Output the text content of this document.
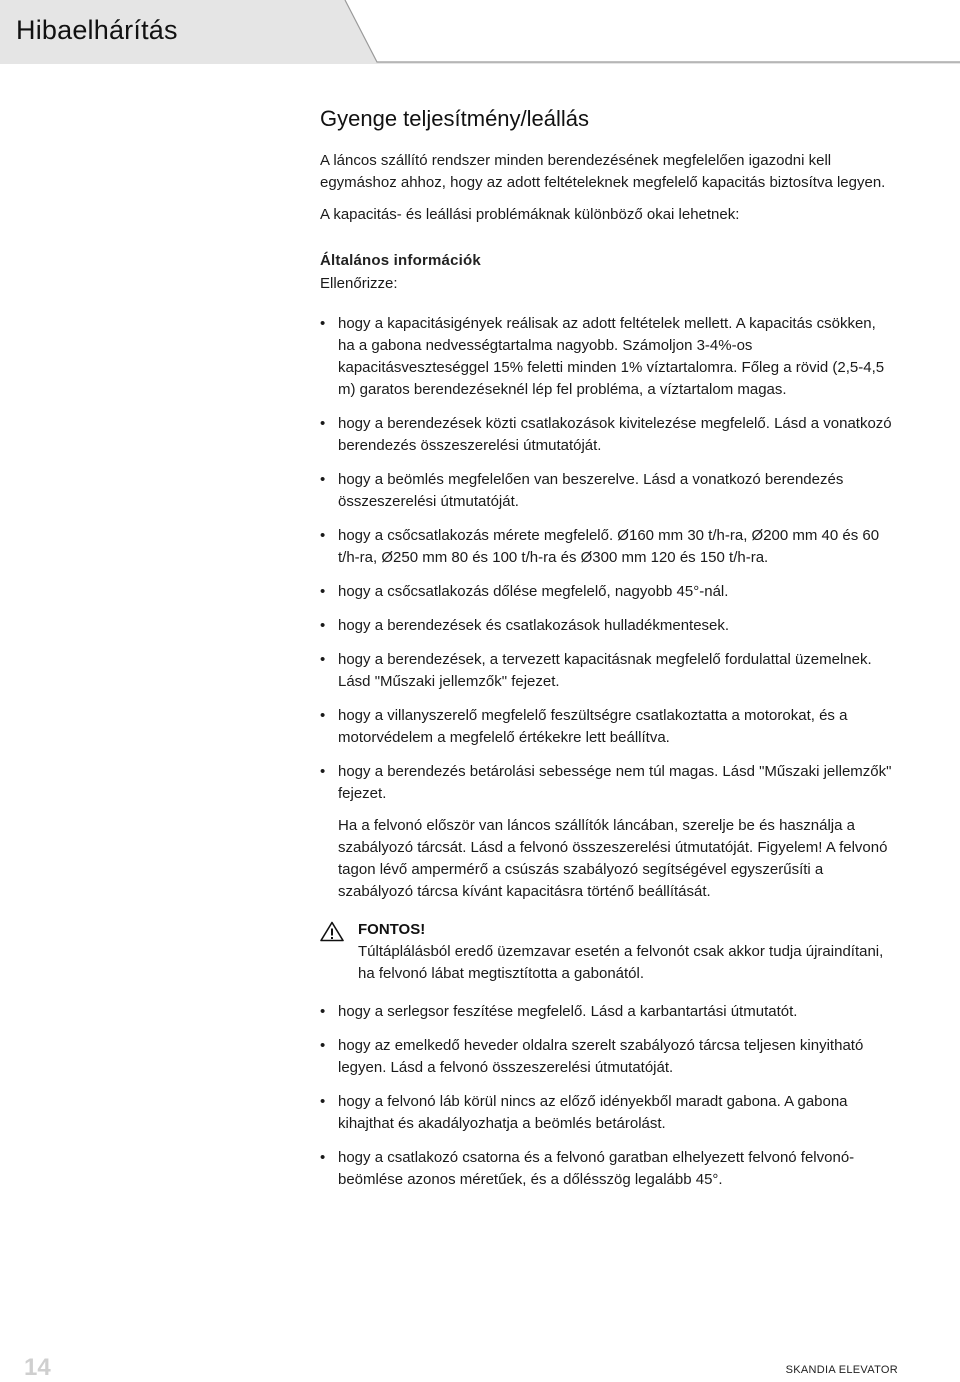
Hibaelhárítás
Gyenge teljesítmény/leállás

A láncos szállító rendszer minden berendezésének megfelelően igazodni kell egymáshoz ahhoz, hogy az adott feltételeknek megfelelő kapacitás biztosítva legyen.

A kapacitás- és leállási problémáknak különböző okai lehetnek:

Általános információk

Ellenőrizze:

• hogy a kapacitásigények reálisak az adott feltételek mellett. A kapacitás csökken, ha a gabona nedvességtartalma nagyobb. Számoljon 3-4%-os kapacitásveszteséggel 15% feletti minden 1% víztartalomra. Főleg a rövid (2,5-4,5 m) garatos berendezéseknél lép fel probléma, a víztartalom magas.
• hogy a berendezések közti csatlakozások kivitelezése megfelelő. Lásd a vonatkozó berendezés összeszerelési útmutatóját.
• hogy a beömlés megfelelően van beszerelve. Lásd a vonatkozó berendezés összeszerelési útmutatóját.
• hogy a csőcsatlakozás mérete megfelelő. Ø160 mm 30 t/h-ra, Ø200 mm 40 és 60 t/h-ra, Ø250 mm 80 és 100 t/h-ra és Ø300 mm 120 és 150 t/h-ra.
• hogy a csőcsatlakozás dőlése megfelelő, nagyobb 45°-nál.
• hogy a berendezések és csatlakozások hulladékmentesek.
• hogy a berendezések, a tervezett kapacitásnak megfelelő fordulattal üzemelnek. Lásd "Műszaki jellemzők" fejezet.
• hogy a villanyszerelő megfelelő feszültségre csatlakoztatta a motorokat, és a motorvédelem a megfelelő értékekre lett beállítva.
• hogy a berendezés betárolási sebessége nem túl magas. Lásd "Műszaki jellemzők" fejezet.

Ha a felvonó először van láncos szállítók láncában, szerelje be és használja a szabályozó tárcsát. Lásd a felvonó összeszerelési útmutatóját. Figyelem! A felvonó tagon lévő ampermérő a csúszás szabályozó segítségével egyszerűsíti a szabályozó tárcsa kívánt kapacitásra történő beállítását.

FONTOS!
Túltáplálásból eredő üzemzavar esetén a felvonót csak akkor tudja újraindítani, ha felvonó lábat megtisztította a gabonától.
• hogy a serlegsor feszítése megfelelő. Lásd a karbantartási útmutatót.
• hogy az emelkedő heveder oldalra szerelt szabályozó tárcsa teljesen kinyitható legyen. Lásd a felvonó összeszerelési útmutatóját.
• hogy a felvonó láb körül nincs az előző idényekből maradt gabona. A gabona kihajthat és akadályozhatja a beömlés betárolást.
• hogy a csatlakozó csatorna és a felvonó garatban elhelyezett felvonó felvonó-beömlése azonos méretűek, és a dőlésszög legalább 45°.
14	SKANDIA ELEVATOR
